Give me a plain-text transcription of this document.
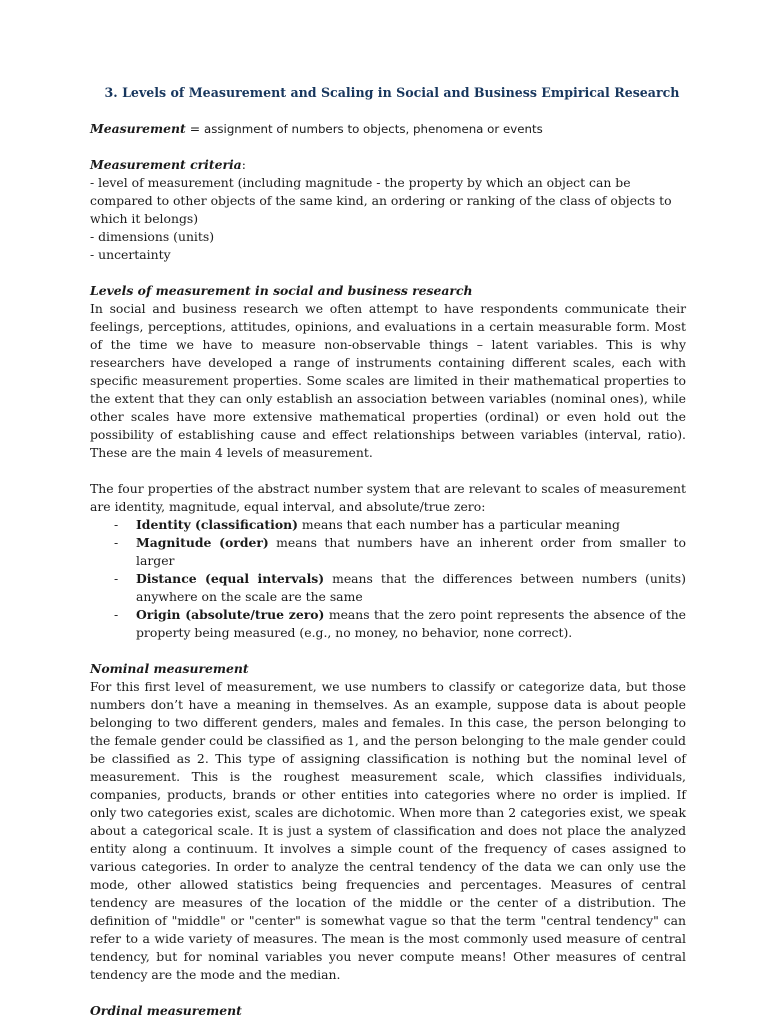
3. Levels of Measurement and Scaling in Social and Business Empirical Research

Measurement = assignment of numbers to objects, phenomena or events

Measurement criteria:

- level of measurement (including magnitude - the property by which an object can be compared to other objects of the same kind, an ordering or ranking of the class of objects to which it belongs)

- dimensions (units)

- uncertainty

Levels of measurement in social and business research

In social and business research we often attempt to have respondents communicate their feelings, perceptions, attitudes, opinions, and evaluations in a certain measurable form. Most of the time we have to measure non-observable things – latent variables. This is why researchers have developed a range of instruments containing different scales, each with specific measurement properties. Some scales are limited in their mathematical properties to the extent that they can only establish an association between variables (nominal ones), while other scales have more extensive mathematical properties (ordinal) or even hold out the possibility of establishing cause and effect relationships between variables (interval, ratio). These are the main 4 levels of measurement.

The four properties of the abstract number system that are relevant to scales of measurement are identity, magnitude, equal interval, and absolute/true zero:

- Identity (classification) means that each number has a particular meaning
- Magnitude (order) means that numbers have an inherent order from smaller to larger
- Distance (equal intervals) means that the differences between numbers (units) anywhere on the scale are the same
- Origin (absolute/true zero) means that the zero point represents the absence of the property being measured (e.g., no money, no behavior, none correct).

Nominal measurement

For this first level of measurement, we use numbers to classify or categorize data, but those numbers don’t have a meaning in themselves. As an example, suppose data is about people belonging to two different genders, males and females. In this case, the person belonging to the female gender could be classified as 1, and the person belonging to the male gender could be classified as 2. This type of assigning classification is nothing but the nominal level of measurement. This is the roughest measurement scale, which classifies individuals, companies, products, brands or other entities into categories where no order is implied. If only two categories exist, scales are dichotomic. When more than 2 categories exist, we speak about a categorical scale. It is just a system of classification and does not place the analyzed entity along a continuum. It involves a simple count of the frequency of cases assigned to various categories. In order to analyze the central tendency of the data we can only use the mode, other allowed statistics being frequencies and percentages. Measures of central tendency are measures of the location of the middle or the center of a distribution. The definition of "middle" or "center" is somewhat vague so that the term "central tendency" can refer to a wide variety of measures. The mean is the most commonly used measure of central tendency, but for nominal variables you never compute means! Other measures of central tendency are the mode and the median.

Ordinal measurement
